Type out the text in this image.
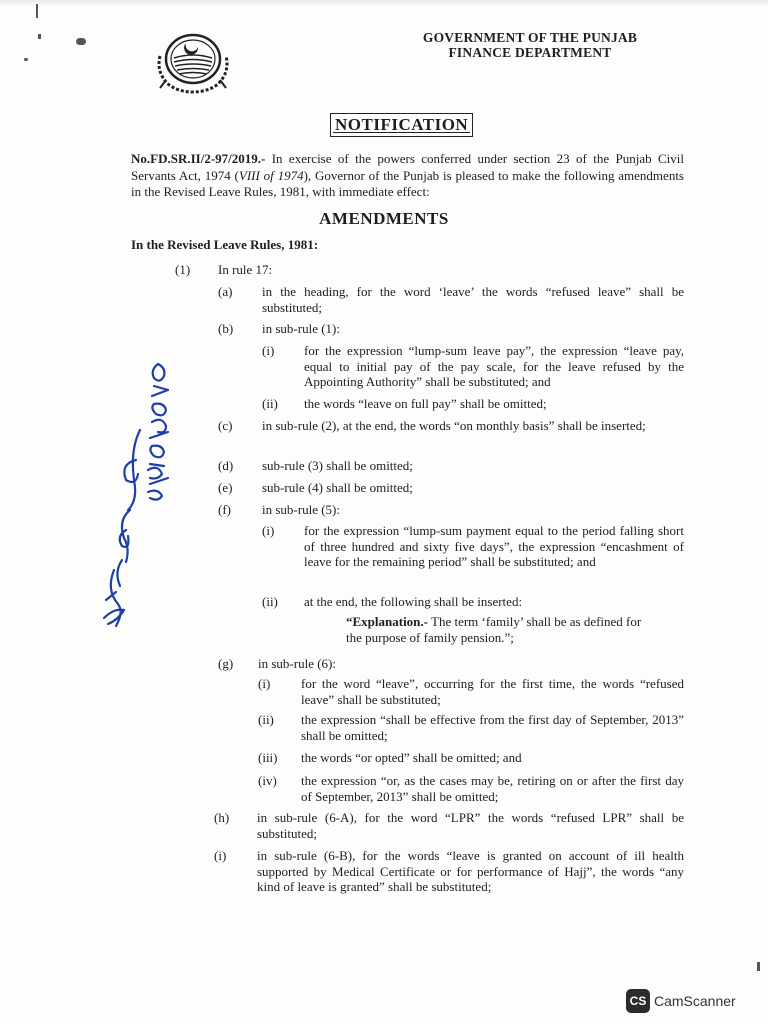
GOVERNMENT OF THE PUNJAB
FINANCE DEPARTMENT
NOTIFICATION
No.FD.SR.II/2-97/2019.- In exercise of the powers conferred under section 23 of the Punjab Civil Servants Act, 1974 (VIII of 1974), Governor of the Punjab is pleased to make the following amendments in the Revised Leave Rules, 1981, with immediate effect:
AMENDMENTS
In the Revised Leave Rules, 1981:
(1) In rule 17:
(a) in the heading, for the word ‘leave’ the words “refused leave” shall be substituted;
(b) in sub-rule (1):
(i) for the expression “lump-sum leave pay”, the expression “leave pay, equal to initial pay of the pay scale, for the leave refused by the Appointing Authority” shall be substituted; and
(ii) the words “leave on full pay” shall be omitted;
(c) in sub-rule (2), at the end, the words “on monthly basis” shall be inserted;
(d) sub-rule (3) shall be omitted;
(e) sub-rule (4) shall be omitted;
(f) in sub-rule (5):
(i) for the expression “lump-sum payment equal to the period falling short of three hundred and sixty five days”, the expression “encashment of leave for the remaining period” shall be substituted; and
(ii) at the end, the following shall be inserted:
“Explanation.- The term ‘family’ shall be as defined for the purpose of family pension.”;
(g) in sub-rule (6):
(i) for the word “leave”, occurring for the first time, the words “refused leave” shall be substituted;
(ii) the expression “shall be effective from the first day of September, 2013” shall be omitted;
(iii) the words “or opted” shall be omitted; and
(iv) the expression “or, as the cases may be, retiring on or after the first day of September, 2013” shall be omitted;
(h) in sub-rule (6-A), for the word “LPR” the words “refused LPR” shall be substituted;
(i) in sub-rule (6-B), for the words “leave is granted on account of ill health supported by Medical Certificate or for performance of Hajj”, the words “any kind of leave is granted” shall be substituted;
CS CamScanner
